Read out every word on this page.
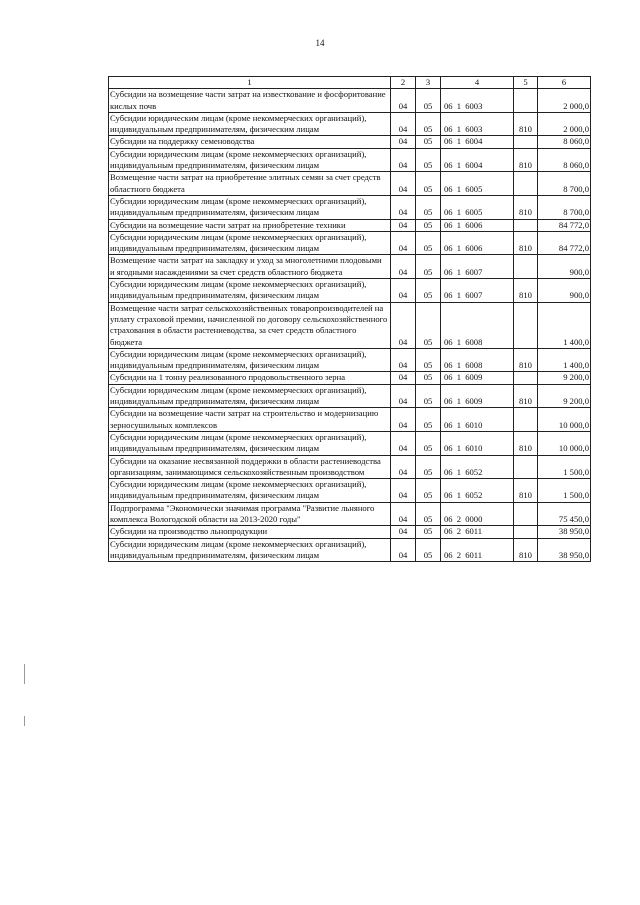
14
1	2	3	4	5	6
Субсидии на возмещение части затрат на известкование и фосфоритование кислых почв	04	05	06 1 6003		2 000,0
Субсидии юридическим лицам (кроме некоммерческих организаций), индивидуальным предпринимателям, физическим лицам	04	05	06 1 6003	810	2 000,0
Субсидии на поддержку семеноводства	04	05	06 1 6004		8 060,0
Субсидии юридическим лицам (кроме некоммерческих организаций), индивидуальным предпринимателям, физическим лицам	04	05	06 1 6004	810	8 060,0
Возмещение части затрат на приобретение элитных семян за счет средств областного бюджета	04	05	06 1 6005		8 700,0
Субсидии юридическим лицам (кроме некоммерческих организаций), индивидуальным предпринимателям, физическим лицам	04	05	06 1 6005	810	8 700,0
Субсидии на возмещение части затрат на приобретение техники	04	05	06 1 6006		84 772,0
Субсидии юридическим лицам (кроме некоммерческих организаций), индивидуальным предпринимателям, физическим лицам	04	05	06 1 6006	810	84 772,0
Возмещение части затрат на закладку и уход за многолетними плодовыми и ягодными насаждениями за счет средств областного бюджета	04	05	06 1 6007		900,0
Субсидии юридическим лицам (кроме некоммерческих организаций), индивидуальным предпринимателям, физическим лицам	04	05	06 1 6007	810	900,0
Возмещение части затрат сельскохозяйственных товаропроизводителей на уплату страховой премии, начисленной по договору сельскохозяйственного страхования в области растениеводства, за счет средств областного бюджета	04	05	06 1 6008		1 400,0
Субсидии юридическим лицам (кроме некоммерческих организаций), индивидуальным предпринимателям, физическим лицам	04	05	06 1 6008	810	1 400,0
Субсидии на 1 тонну реализованного продовольственного зерна	04	05	06 1 6009		9 200,0
Субсидии юридическим лицам (кроме некоммерческих организаций), индивидуальным предпринимателям, физическим лицам	04	05	06 1 6009	810	9 200,0
Субсидии на возмещение части затрат на строительство и модернизацию зерносушильных комплексов	04	05	06 1 6010		10 000,0
Субсидии юридическим лицам (кроме некоммерческих организаций), индивидуальным предпринимателям, физическим лицам	04	05	06 1 6010	810	10 000,0
Субсидии на оказание несвязанной поддержки в области растениеводства организациям, занимающимся сельскохозяйственным производством	04	05	06 1 6052		1 500,0
Субсидии юридическим лицам (кроме некоммерческих организаций), индивидуальным предпринимателям, физическим лицам	04	05	06 1 6052	810	1 500,0
Подпрограмма "Экономически значимая программа "Развитие льняного комплекса Вологодской области на 2013-2020 годы"	04	05	06 2 0000		75 450,0
Субсидии на производство льнопродукции	04	05	06 2 6011		38 950,0
Субсидии юридическим лицам (кроме некоммерческих организаций), индивидуальным предпринимателям, физическим лицам	04	05	06 2 6011	810	38 950,0
